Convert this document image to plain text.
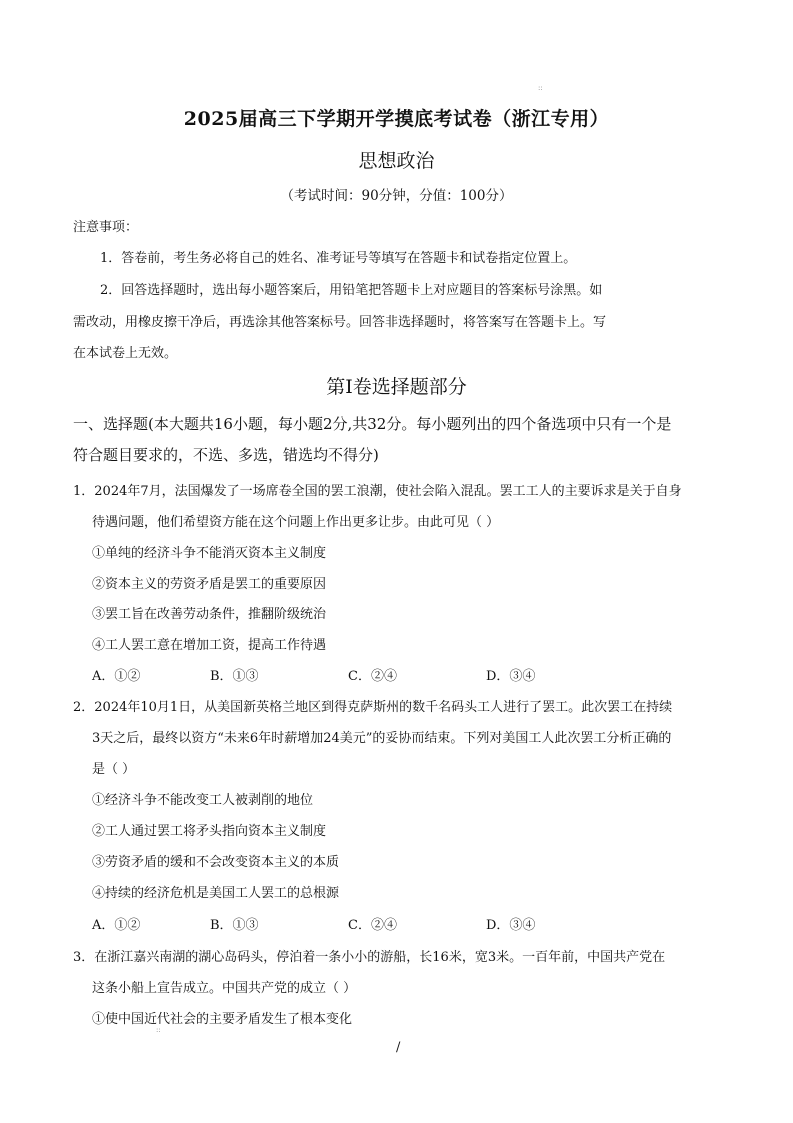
::
2025届高三下学期开学摸底考试卷（浙江专用）
思想政治
（考试时间：90分钟，分值：100分）
注意事项：
1．答卷前，考生务必将自己的姓名、准考证号等填写在答题卡和试卷指定位置上。
2．回答选择题时，选出每小题答案后，用铅笔把答题卡上对应题目的答案标号涂黑。如
需改动，用橡皮擦干净后，再选涂其他答案标号。回答非选择题时，将答案写在答题卡上。写
在本试卷上无效。
第Ⅰ卷选择题部分
一、选择题(本大题共16小题，每小题2分,共32分。每小题列出的四个备选项中只有一个是
符合题目要求的，不选、多选，错选均不得分)
1．2024年7月，法国爆发了一场席卷全国的罢工浪潮，使社会陷入混乱。罢工工人的主要诉求是关于自身
待遇问题，他们希望资方能在这个问题上作出更多让步。由此可见（ ）
①单纯的经济斗争不能消灭资本主义制度
②资本主义的劳资矛盾是罢工的重要原因
③罢工旨在改善劳动条件，推翻阶级统治
④工人罢工意在增加工资，提高工作待遇
A．①②	B．①③	C．②④	D．③④
2．2024年10月1日，从美国新英格兰地区到得克萨斯州的数千名码头工人进行了罢工。此次罢工在持续
3天之后，最终以资方“未来6年时薪增加24美元”的妥协而结束。下列对美国工人此次罢工分析正确的
是（ ）
①经济斗争不能改变工人被剥削的地位
②工人通过罢工将矛头指向资本主义制度
③劳资矛盾的缓和不会改变资本主义的本质
④持续的经济危机是美国工人罢工的总根源
A．①②	B．①③	C．②④	D．③④
3．在浙江嘉兴南湖的湖心岛码头，停泊着一条小小的游船，长16米，宽3米。一百年前，中国共产党在
这条小船上宣告成立。中国共产党的成立（ ）
①使中国近代社会的主要矛盾发生了根本变化
::
/
